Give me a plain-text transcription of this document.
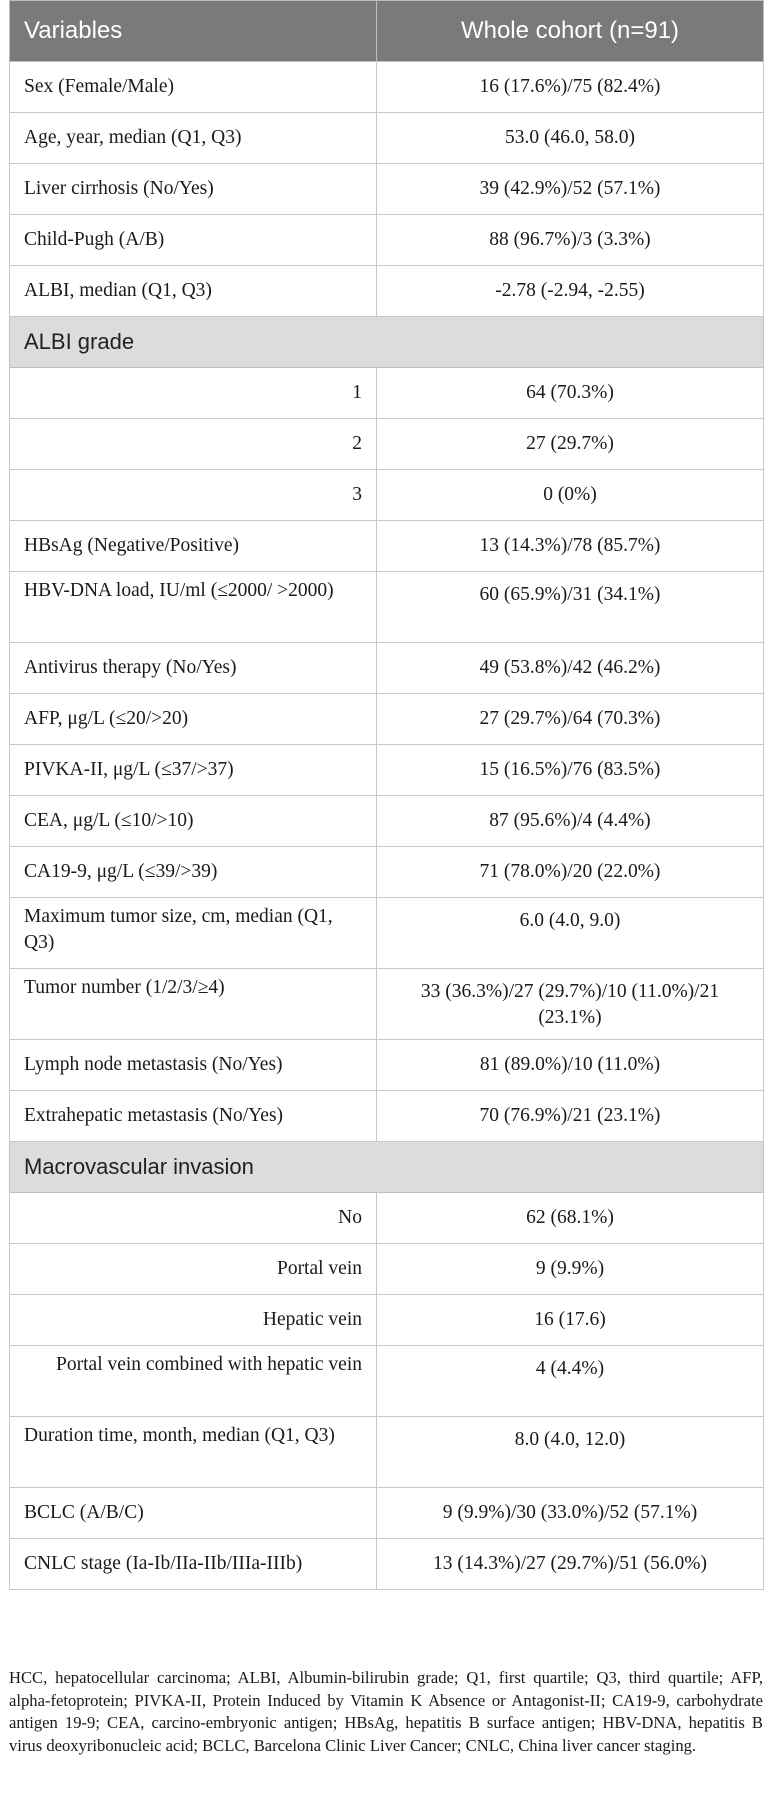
Variables	Whole cohort (n=91)
Sex (Female/Male)	16 (17.6%)/75 (82.4%)
Age, year, median (Q1, Q3)	53.0 (46.0, 58.0)
Liver cirrhosis (No/Yes)	39 (42.9%)/52 (57.1%)
Child-Pugh (A/B)	88 (96.7%)/3 (3.3%)
ALBI, median (Q1, Q3)	-2.78 (-2.94, -2.55)
ALBI grade	
1	64 (70.3%)
2	27 (29.7%)
3	0 (0%)
HBsAg (Negative/Positive)	13 (14.3%)/78 (85.7%)
HBV-DNA load, IU/ml (≤2000/ >2000)	60 (65.9%)/31 (34.1%)
Antivirus therapy (No/Yes)	49 (53.8%)/42 (46.2%)
AFP, μg/L (≤20/>20)	27 (29.7%)/64 (70.3%)
PIVKA-II, μg/L (≤37/>37)	15 (16.5%)/76 (83.5%)
CEA, μg/L (≤10/>10)	87 (95.6%)/4 (4.4%)
CA19-9, μg/L (≤39/>39)	71 (78.0%)/20 (22.0%)
Maximum tumor size, cm, median (Q1, Q3)	6.0 (4.0, 9.0)
Tumor number (1/2/3/≥4)	33 (36.3%)/27 (29.7%)/10 (11.0%)/21 (23.1%)
Lymph node metastasis (No/Yes)	81 (89.0%)/10 (11.0%)
Extrahepatic metastasis (No/Yes)	70 (76.9%)/21 (23.1%)
Macrovascular invasion	
No	62 (68.1%)
Portal vein	9 (9.9%)
Hepatic vein	16 (17.6)
Portal vein combined with hepatic vein	4 (4.4%)
Duration time, month, median (Q1, Q3)	8.0 (4.0, 12.0)
BCLC (A/B/C)	9 (9.9%)/30 (33.0%)/52 (57.1%)
CNLC stage (Ia-Ib/IIa-IIb/IIIa-IIIb)	13 (14.3%)/27 (29.7%)/51 (56.0%)
HCC, hepatocellular carcinoma; ALBI, Albumin-bilirubin grade; Q1, first quartile; Q3, third quartile; AFP, alpha-fetoprotein; PIVKA-II, Protein Induced by Vitamin K Absence or Antagonist-II; CA19-9, carbohydrate antigen 19-9; CEA, carcino-embryonic antigen; HBsAg, hepatitis B surface antigen; HBV-DNA, hepatitis B virus deoxyribonucleic acid; BCLC, Barcelona Clinic Liver Cancer; CNLC, China liver cancer staging.
